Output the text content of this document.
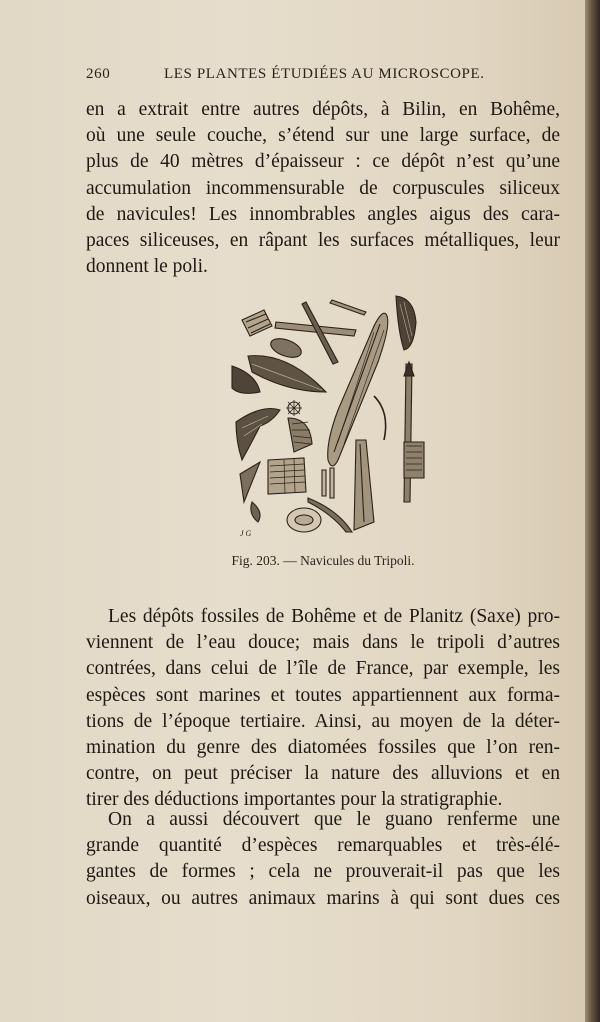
260	LES PLANTES ÉTUDIÉES AU MICROSCOPE.
en a extrait entre autres dépôts, à Bilin, en Bohême,
où une seule couche, s’étend sur une large surface, de
plus de 40 mètres d’épaisseur : ce dépôt n’est qu’une
accumulation incommensurable de corpuscules siliceux
de navicules! Les innombrables angles aigus des cara-
paces siliceuses, en râpant les surfaces métalliques, leur
donnent le poli.
J G
Fig. 203. — Navicules du Tripoli.
Les dépôts fossiles de Bohême et de Planitz (Saxe) pro-
viennent de l’eau douce; mais dans le tripoli d’autres
contrées, dans celui de l’île de France, par exemple, les
espèces sont marines et toutes appartiennent aux forma-
tions de l’époque tertiaire. Ainsi, au moyen de la déter-
mination du genre des diatomées fossiles que l’on ren-
contre, on peut préciser la nature des alluvions et en
tirer des déductions importantes pour la stratigraphie.
On a aussi découvert que le guano renferme une
grande quantité d’espèces remarquables et très-élé-
gantes de formes ; cela ne prouverait-il pas que les
oiseaux, ou autres animaux marins à qui sont dues ces
